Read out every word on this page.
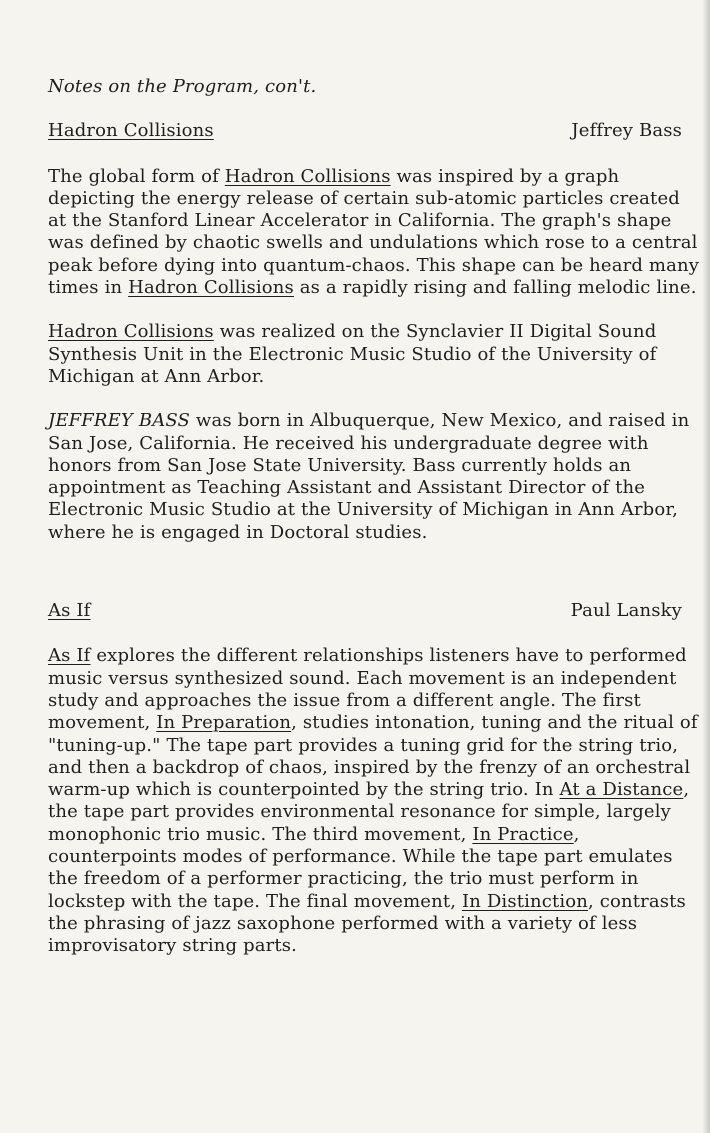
Notes on the Program, con't.
Hadron Collisions	Jeffrey Bass

The global form of Hadron Collisions was inspired by a graph depicting the energy release of certain sub-atomic particles created at the Stanford Linear Accelerator in California. The graph's shape was defined by chaotic swells and undulations which rose to a central peak before dying into quantum-chaos. This shape can be heard many times in Hadron Collisions as a rapidly rising and falling melodic line.

Hadron Collisions was realized on the Synclavier II Digital Sound Synthesis Unit in the Electronic Music Studio of the University of Michigan at Ann Arbor.

JEFFREY BASS was born in Albuquerque, New Mexico, and raised in San Jose, California. He received his undergraduate degree with honors from San Jose State University. Bass currently holds an appointment as Teaching Assistant and Assistant Director of the Electronic Music Studio at the University of Michigan in Ann Arbor, where he is engaged in Doctoral studies.

As If	Paul Lansky

As If explores the different relationships listeners have to performed music versus synthesized sound. Each movement is an independent study and approaches the issue from a different angle. The first movement, In Preparation, studies intonation, tuning and the ritual of "tuning-up." The tape part provides a tuning grid for the string trio, and then a backdrop of chaos, inspired by the frenzy of an orchestral warm-up which is counterpointed by the string trio. In At a Distance, the tape part provides environmental resonance for simple, largely monophonic trio music. The third movement, In Practice, counterpoints modes of performance. While the tape part emulates the freedom of a performer practicing, the trio must perform in lockstep with the tape. The final movement, In Distinction, contrasts the phrasing of jazz saxophone performed with a variety of less improvisatory string parts.
